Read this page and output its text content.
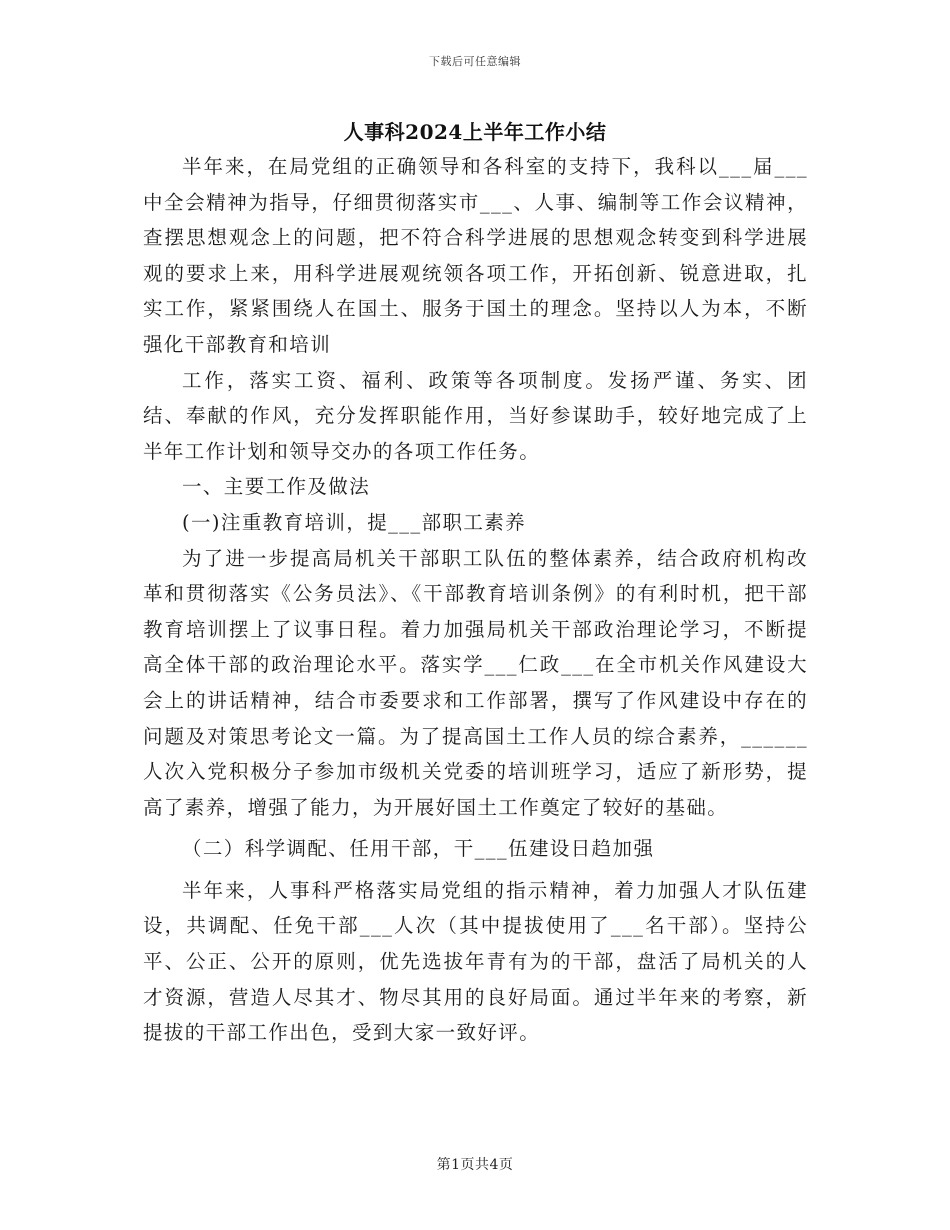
下载后可任意编辑
人事科2024上半年工作小结

半年来，在局党组的正确领导和各科室的支持下，我科以___届___中全会精神为指导，仔细贯彻落实市___、人事、编制等工作会议精神，查摆思想观念上的问题，把不符合科学进展的思想观念转变到科学进展观的要求上来，用科学进展观统领各项工作，开拓创新、锐意进取，扎实工作，紧紧围绕人在国土、服务于国土的理念。坚持以人为本，不断强化干部教育和培训

工作，落实工资、福利、政策等各项制度。发扬严谨、务实、团结、奉献的作风，充分发挥职能作用，当好参谋助手，较好地完成了上半年工作计划和领导交办的各项工作任务。

一、主要工作及做法

(一)注重教育培训，提___部职工素养

为了进一步提高局机关干部职工队伍的整体素养，结合政府机构改革和贯彻落实《公务员法》、《干部教育培训条例》的有利时机，把干部教育培训摆上了议事日程。着力加强局机关干部政治理论学习，不断提高全体干部的政治理论水平。落实学___仁政___在全市机关作风建设大会上的讲话精神，结合市委要求和工作部署，撰写了作风建设中存在的问题及对策思考论文一篇。为了提高国土工作人员的综合素养，______人次入党积极分子参加市级机关党委的培训班学习，适应了新形势，提高了素养，增强了能力，为开展好国土工作奠定了较好的基础。

（二）科学调配、任用干部，干___伍建设日趋加强

半年来，人事科严格落实局党组的指示精神，着力加强人才队伍建设，共调配、任免干部___人次（其中提拔使用了___名干部）。坚持公平、公正、公开的原则，优先选拔年青有为的干部，盘活了局机关的人才资源，营造人尽其才、物尽其用的良好局面。通过半年来的考察，新提拔的干部工作出色，受到大家一致好评。

第1页共4页
